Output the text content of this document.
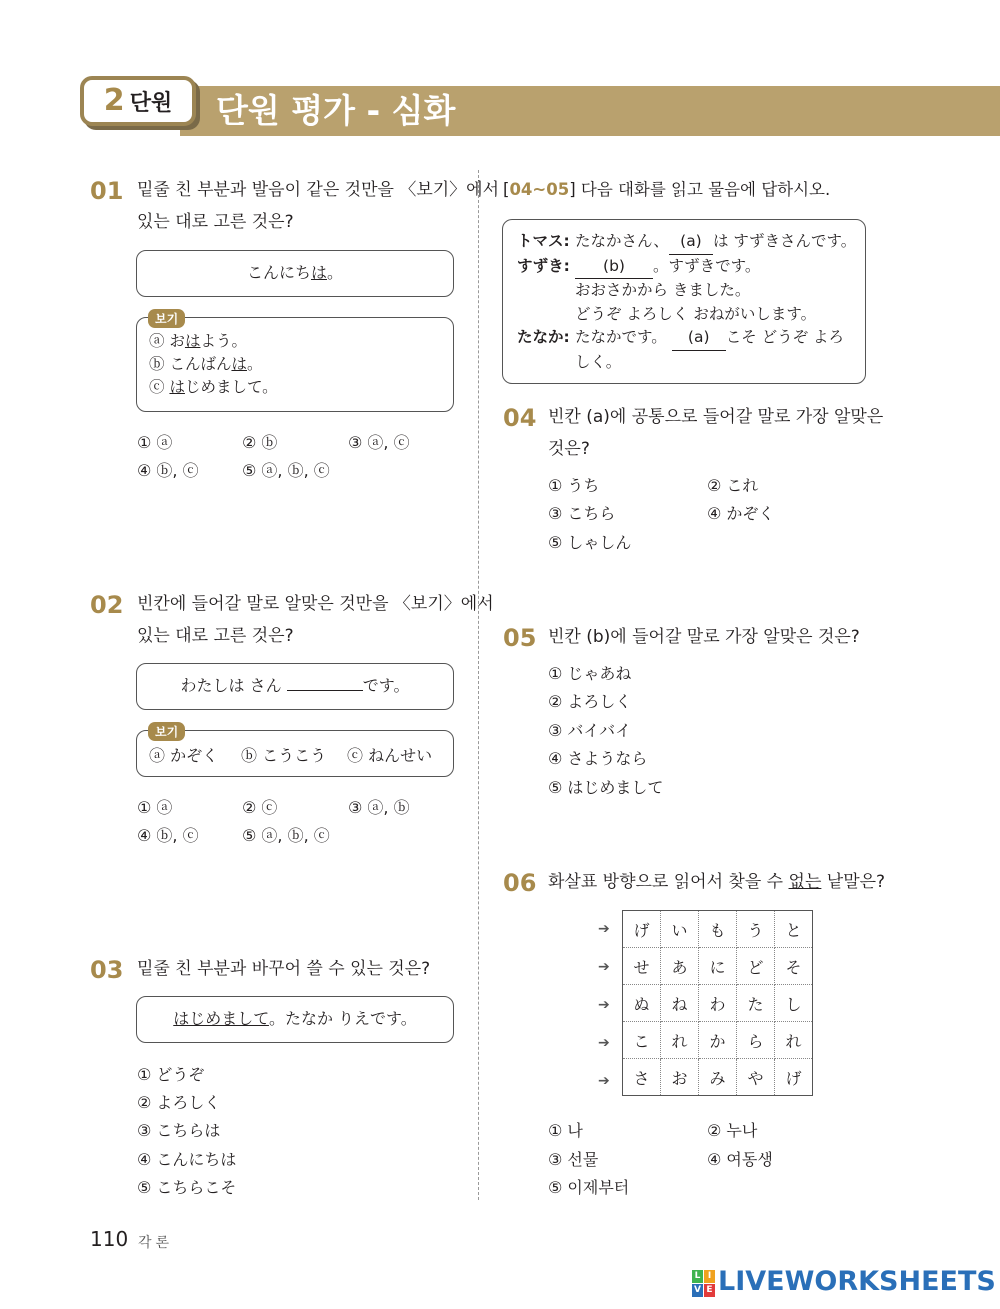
단원 평가 - 심화
2 단원
01 밑줄 친 부분과 발음이 같은 것만을 〈보기〉에서
있는 대로 고른 것은?
こんにちは。
ⓐ おはよう。
ⓑ こんばんは。
ⓒ はじめまして。
보기
① ⓐ	② ⓑ	③ ⓐ, ⓒ
④ ⓑ, ⓒ	⑤ ⓐ, ⓑ, ⓒ
02 빈칸에 들어갈 말로 알맞은 것만을 〈보기〉에서
있는 대로 고른 것은?
わたしは さん	です。
ⓐ かぞく ⓑ こうこう ⓒ ねんせい
보기
① ⓐ	② ⓒ	③ ⓐ, ⓑ
④ ⓑ, ⓒ	⑤ ⓐ, ⓑ, ⓒ
03 밑줄 친 부분과 바꾸어 쓸 수 있는 것은?
はじめまして。たなか りえです。
① どうぞ
② よろしく
③ こちらは
④ こんにちは
⑤ こちらこそ
[04~05] 다음 대화를 읽고 물음에 답하시오.
トマス: たなかさん、 (a) は すずきさんです。
すずき: (b) 。すずきです。
おおさかから きました。
どうぞ よろしく おねがいします。
たなか: たなかです。 (a) こそ どうぞ よろ
しく。
04 빈칸 (a)에 공통으로 들어갈 말로 가장 알맞은
것은?
① うち	② これ
③ こちら	④ かぞく
⑤ しゃしん
05 빈칸 (b)에 들어갈 말로 가장 알맞은 것은?
① じゃあね
② よろしく
③ バイバイ
④ さようなら
⑤ はじめまして
06 화살표 방향으로 읽어서 찾을 수 없는 낱말은?
➔
➔
➔
➔
➔
げ	い	も	う	と
せ	あ	に	ど	そ
ぬ	ね	わ	た	し
こ	れ	か	ら	れ
さ	お	み	や	げ
① 나	② 누나
③ 선물	④ 여동생
⑤ 이제부터
110 각론
L I
V E LIVEWORKSHEETS
